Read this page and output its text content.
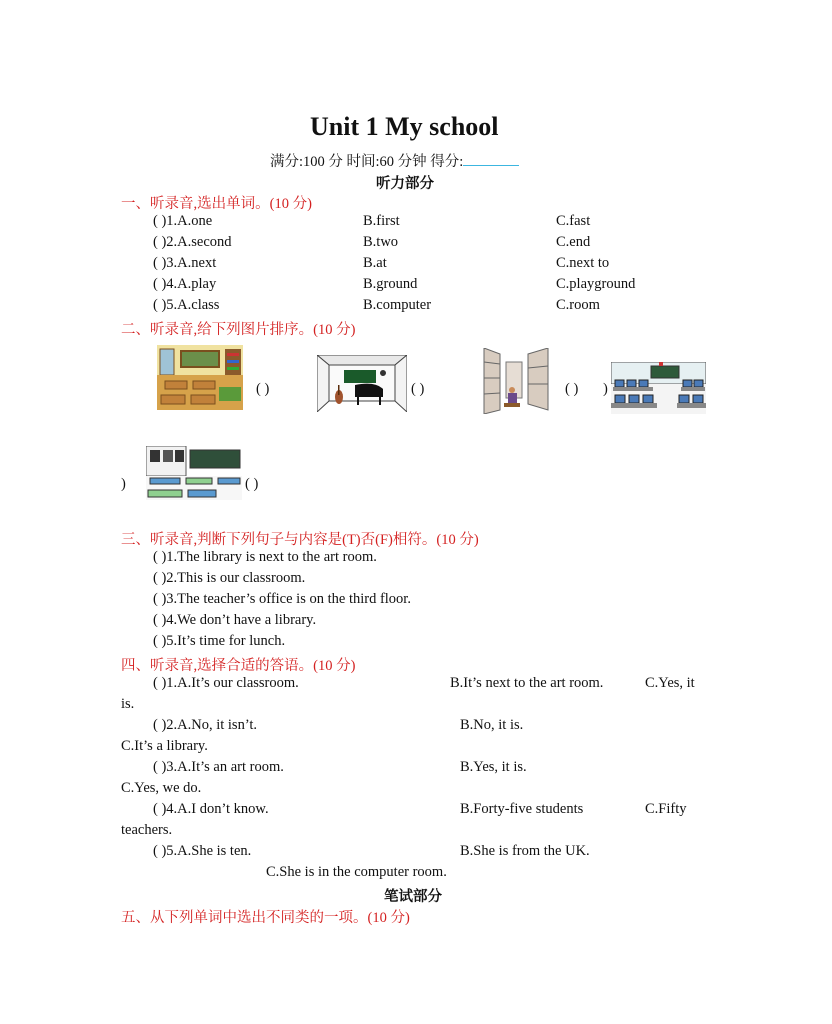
Unit 1 My school
满分:100 分 时间:60 分钟 得分:
听力部分
一、听录音,选出单词。(10 分)
( )1.A.one	B.first	C.fast
( )2.A.second	B.two	C.end
( )3.A.next	B.at	C.next to
( )4.A.play	B.ground	C.playground
( )5.A.class	B.computer	C.room
二、听录音,给下列图片排序。(10 分)
( )	( )	( ) )
)	( )
三、听录音,判断下列句子与内容是(T)否(F)相符。(10 分)
( )1.The library is next to the art room.
( )2.This is our classroom.
( )3.The teacher’s office is on the third floor.
( )4.We don’t have a library.
( )5.It’s time for lunch.
四、听录音,选择合适的答语。(10 分)
( )1.A.It’s our classroom.	B.It’s next to the art room.	C.Yes, it
is.
( )2.A.No, it isn’t.	B.No, it is.
C.It’s a library.
( )3.A.It’s an art room.	B.Yes, it is.
C.Yes, we do.
( )4.A.I don’t know.	B.Forty-five students	C.Fifty
teachers.
( )5.A.She is ten.	B.She is from the UK.
C.She is in the computer room.
笔试部分
五、从下列单词中选出不同类的一项。(10 分)
